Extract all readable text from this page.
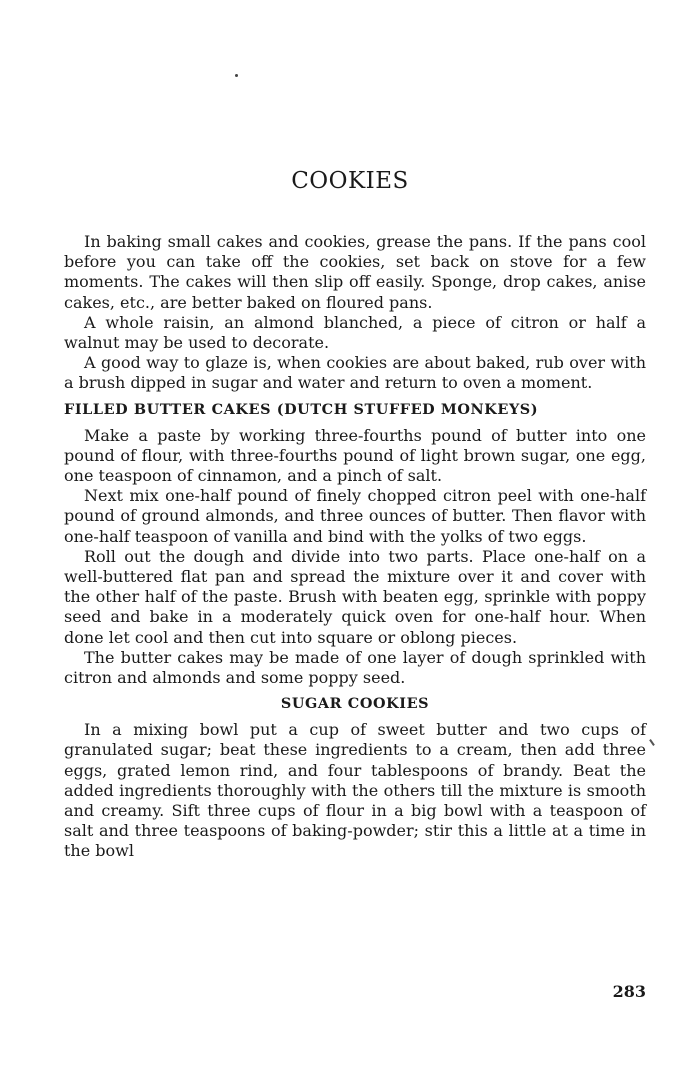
COOKIES

In baking small cakes and cookies, grease the pans. If the pans cool before you can take off the cookies, set back on stove for a few moments. The cakes will then slip off easily. Sponge, drop cakes, anise cakes, etc., are better baked on floured pans.

A whole raisin, an almond blanched, a piece of citron or half a walnut may be used to decorate.

A good way to glaze is, when cookies are about baked, rub over with a brush dipped in sugar and water and return to oven a moment.

FILLED BUTTER CAKES (DUTCH STUFFED MONKEYS)

Make a paste by working three-fourths pound of butter into one pound of flour, with three-fourths pound of light brown sugar, one egg, one teaspoon of cinnamon, and a pinch of salt.

Next mix one-half pound of finely chopped citron peel with one-half pound of ground almonds, and three ounces of butter. Then flavor with one-half teaspoon of vanilla and bind with the yolks of two eggs.

Roll out the dough and divide into two parts. Place one-half on a well-buttered flat pan and spread the mixture over it and cover with the other half of the paste. Brush with beaten egg, sprinkle with poppy seed and bake in a moderately quick oven for one-half hour. When done let cool and then cut into square or oblong pieces.

The butter cakes may be made of one layer of dough sprinkled with citron and almonds and some poppy seed.

SUGAR COOKIES

In a mixing bowl put a cup of sweet butter and two cups of granulated sugar; beat these ingredients to a cream, then add three eggs, grated lemon rind, and four tablespoons of brandy. Beat the added ingredients thoroughly with the others till the mixture is smooth and creamy. Sift three cups of flour in a big bowl with a teaspoon of salt and three teaspoons of baking-powder; stir this a little at a time in the bowl

283
